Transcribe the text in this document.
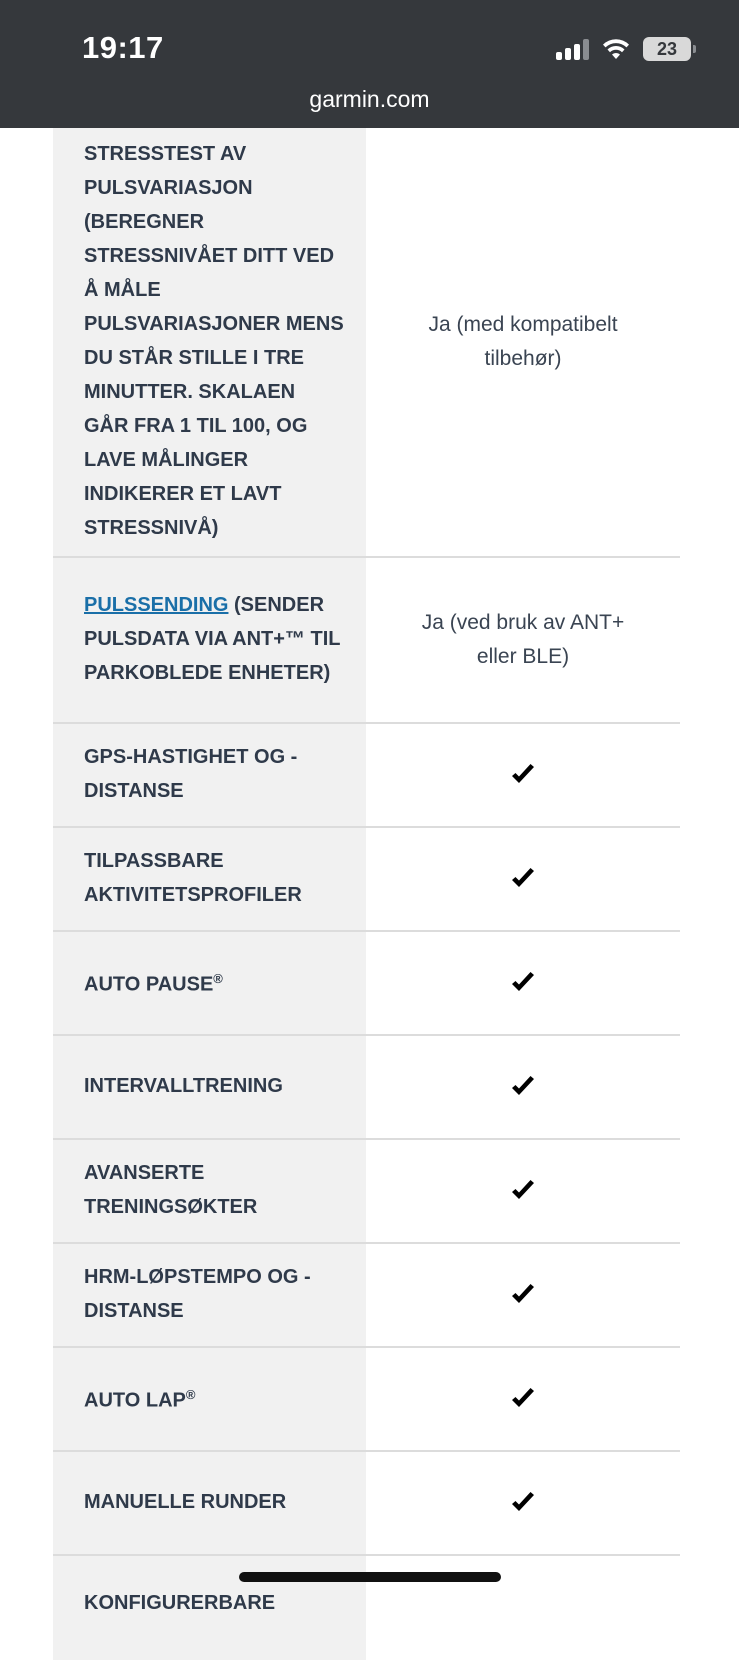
19:17	23
garmin.com
STRESSTEST AV PULSVARIASJON (BEREGNER STRESSNIVÅET DITT VED Å MÅLE PULSVARIASJONER MENS DU STÅR STILLE I TRE MINUTTER. SKALAEN GÅR FRA 1 TIL 100, OG LAVE MÅLINGER INDIKERER ET LAVT STRESSNIVÅ)
Ja (med kompatibelt tilbehør)
PULSSENDING (SENDER PULSDATA VIA ANT+™ TIL PARKOBLEDE ENHETER)
Ja (ved bruk av ANT+ eller BLE)
GPS-HASTIGHET OG -DISTANSE
TILPASSBARE AKTIVITETSPROFILER
AUTO PAUSE®
INTERVALLTRENING
AVANSERTE TRENINGSØKTER
HRM-LØPSTEMPO OG -DISTANSE
AUTO LAP®
MANUELLE RUNDER
KONFIGURERBARE
